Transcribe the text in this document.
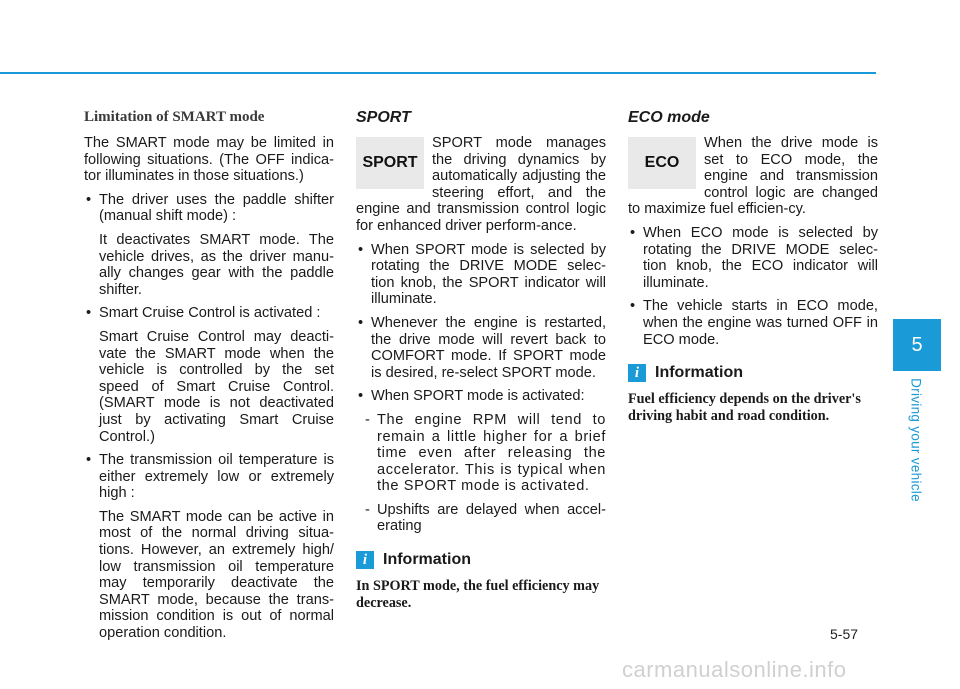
Limitation of SMART mode

The SMART mode may be limited in following situations. (The OFF indica-tor illuminates in those situations.)

• The driver uses the paddle shifter (manual shift mode) :

It deactivates SMART mode. The vehicle drives, as the driver manu-ally changes gear with the paddle shifter.

• Smart Cruise Control is activated :

Smart Cruise Control may deacti-vate the SMART mode when the vehicle is controlled by the set speed of Smart Cruise Control. (SMART mode is not deactivated just by activating Smart Cruise Control.)

• The transmission oil temperature is either extremely low or extremely high :

The SMART mode can be active in most of the normal driving situa-tions. However, an extremely high/ low transmission oil temperature may temporarily deactivate the SMART mode, because the trans-mission condition is out of normal operation condition.

SPORT
SPORT

SPORT mode manages the driving dynamics by automatically adjusting the steering effort, and the engine and transmission control logic for enhanced driver perform-ance.

• When SPORT mode is selected by rotating the DRIVE MODE selec-tion knob, the SPORT indicator will illuminate.
• Whenever the engine is restarted, the drive mode will revert back to COMFORT mode. If SPORT mode is desired, re-select SPORT mode.
• When SPORT mode is activated:
- The engine RPM will tend to remain a little higher for a brief time even after releasing the accelerator. This is typical when the SPORT mode is activated.
- Upshifts are delayed when accel-erating
i Information
In SPORT mode, the fuel efficiency may decrease.
ECO mode
ECO

When the drive mode is set to ECO mode, the engine and transmission control logic are changed to maximize fuel efficien-cy.

• When ECO mode is selected by rotating the DRIVE MODE selec-tion knob, the ECO indicator will illuminate.
• The vehicle starts in ECO mode, when the engine was turned OFF in ECO mode.
i Information
Fuel efficiency depends on the driver's driving habit and road condition.
5
Driving your vehicle
5-57
carmanualsonline.info
